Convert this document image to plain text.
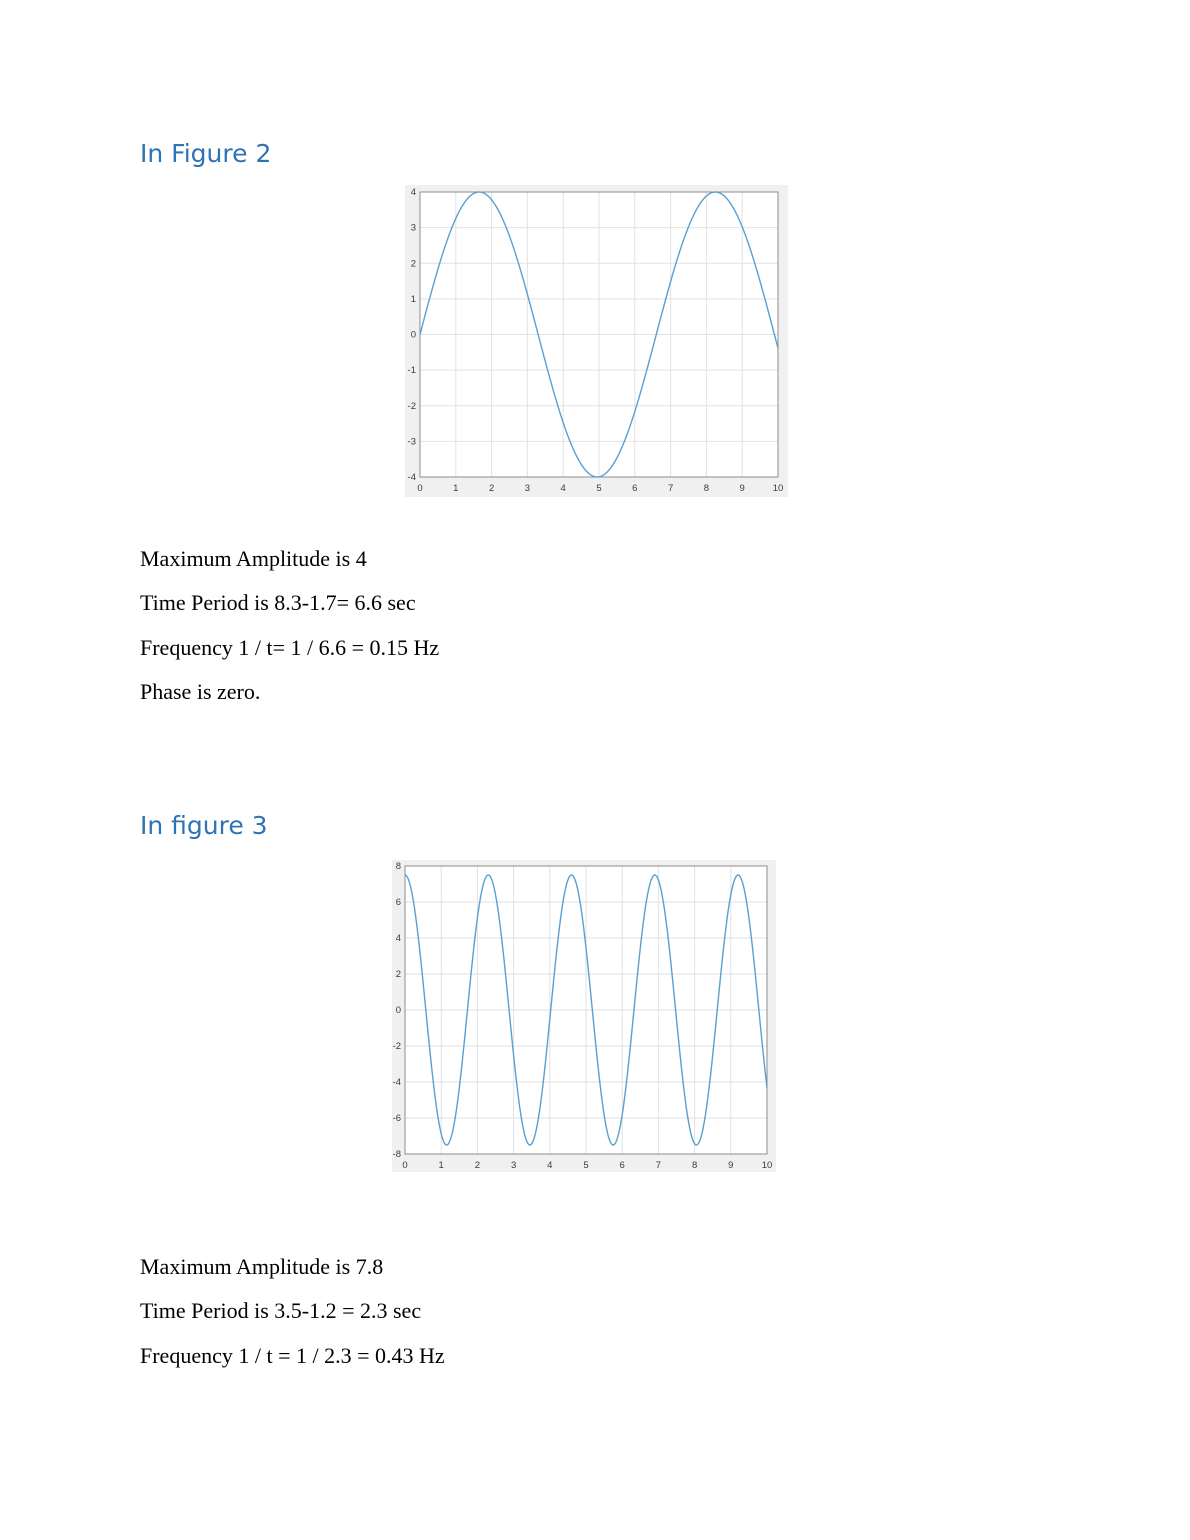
In Figure 2
0	1	2	3	4	5	6	7	8	9	10
4
3
2
1
0
-1
-2
-3
-4

Maximum Amplitude is 4

Time Period is 8.3-1.7= 6.6 sec

Frequency 1 / t= 1 / 6.6 = 0.15 Hz

Phase is zero.

In figure 3
0	1	2	3	4	5	6	7	8	9	10
8
6
4
2
0
-2
-4
-6
-8

Maximum Amplitude is 7.8

Time Period is 3.5-1.2 = 2.3 sec

Frequency 1 / t = 1 / 2.3 = 0.43 Hz
